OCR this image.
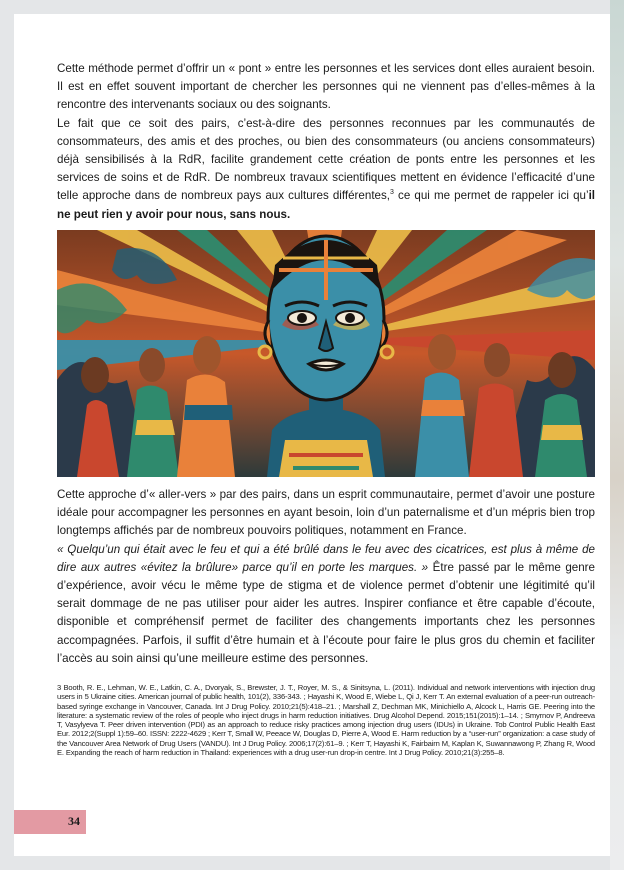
Cette méthode permet d’offrir un « pont » entre les personnes et les services dont elles auraient besoin. Il est en effet souvent important de chercher les personnes qui ne viennent pas d’elles-mêmes à la rencontre des intervenants sociaux ou des soignants.

Le fait que ce soit des pairs, c’est-à-dire des personnes reconnues par les communautés de consommateurs, des amis et des proches, ou bien des consommateurs (ou anciens consommateurs) déjà sensibilisés à la RdR, facilite grandement cette création de ponts entre les personnes et les services de soins et de RdR. De nombreux travaux scientifiques mettent en évidence l’efficacité d’une telle approche dans de nombreux pays aux cultures différentes,$^3$ ce qui me permet de rappeler ici qu’il ne peut rien y avoir pour nous, sans nous.

Cette approche d’« aller-vers » par des pairs, dans un esprit communautaire, permet d’avoir une posture idéale pour accompagner les personnes en ayant besoin, loin d’un paternalisme et d’un mépris bien trop longtemps affichés par de nombreux pouvoirs politiques, notamment en France.

« Quelqu’un qui était avec le feu et qui a été brûlé dans le feu avec des cicatrices, est plus à même de dire aux autres «évitez la brûlure» parce qu’il en porte les marques. » Être passé par le même genre d’expérience, avoir vécu le même type de stigma et de violence permet d’obtenir une légitimité qu’il serait dommage de ne pas utiliser pour aider les autres. Inspirer confiance et être capable d’écoute, disponible et compréhensif permet de faciliter des changements importants chez les personnes accompagnées. Parfois, il suffit d’être humain et à l’écoute pour faire le plus gros du chemin et faciliter l’accès au soin ainsi qu’une meilleure estime des personnes.

3 Booth, R. E., Lehman, W. E., Latkin, C. A., Dvoryak, S., Brewster, J. T., Royer, M. S., & Sinitsyna, L. (2011). Individual and network interventions with injection drug users in 5 Ukraine cities. American journal of public health, 101(2), 336-343. ; Hayashi K, Wood E, Wiebe L, Qi J, Kerr T. An external evaluation of a peer-run outreach-based syringe exchange in Vancouver, Canada. Int J Drug Policy. 2010;21(5):418–21. ; Marshall Z, Dechman MK, Minichiello A, Alcock L, Harris GE. Peering into the literature: a systematic review of the roles of people who inject drugs in harm reduction initiatives. Drug Alcohol Depend. 2015;151(2015):1–14. ; Smyrnov P, Andreeva T, Vasylyeva T. Peer driven intervention (PDI) as an approach to reduce risky practices among injection drug users (IDUs) in Ukraine. Tob Control Public Health East Eur. 2012;2(Suppl 1):59–60. ISSN: 2222-4629 ; Kerr T, Small W, Peeace W, Douglas D, Pierre A, Wood E. Harm reduction by a “user-run” organization: a case study of the Vancouver Area Network of Drug Users (VANDU). Int J Drug Policy. 2006;17(2):61–9. ; Kerr T, Hayashi K, Fairbairn M, Kaplan K, Suwannawong P, Zhang R, Wood E. Expanding the reach of harm reduction in Thailand: experiences with a drug user-run drop-in centre. Int J Drug Policy. 2010;21(3):255–8.

34
